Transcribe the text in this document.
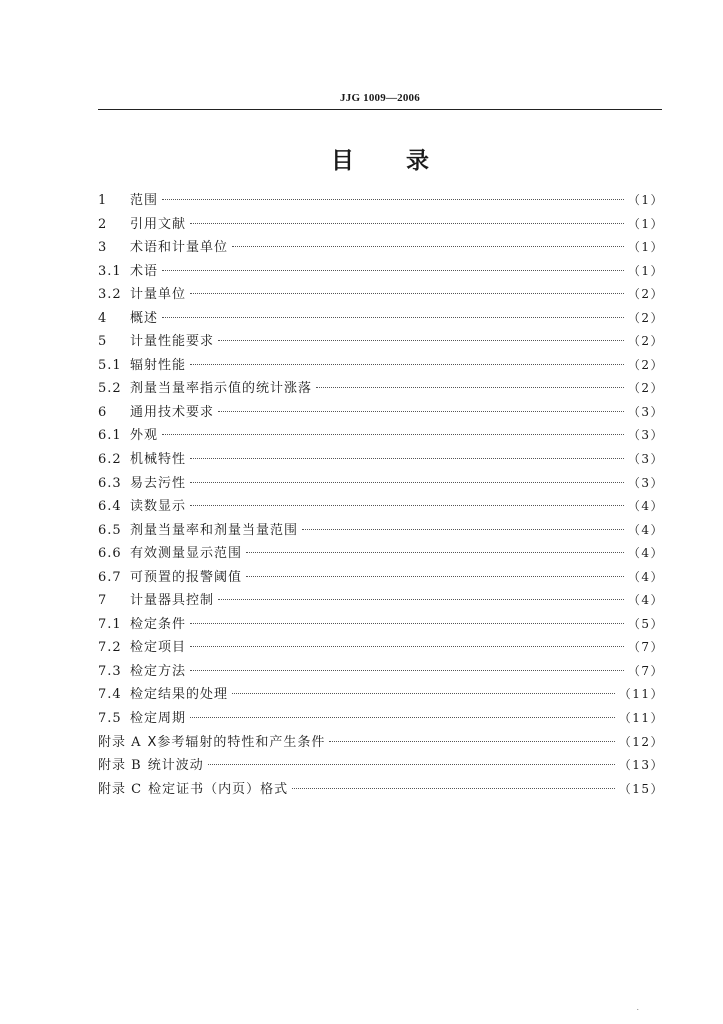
JJG 1009—2006
目录
1	范围	（1）
2	引用文献	（1）
3	术语和计量单位	（1）
3.1 术语	（1）
3.2 计量单位	（2）
4	概述	（2）
5	计量性能要求	（2）
5.1 辐射性能	（2）
5.2 剂量当量率指示值的统计涨落	（2）
6	通用技术要求	（3）
6.1 外观	（3）
6.2 机械特性	（3）
6.3 易去污性	（3）
6.4 读数显示	（4）
6.5 剂量当量率和剂量当量范围	（4）
6.6 有效测量显示范围	（4）
6.7 可预置的报警阈值	（4）
7	计量器具控制	（4）
7.1 检定条件	（5）
7.2 检定项目	（7）
7.3 检定方法	（7）
7.4 检定结果的处理	（11）
7.5 检定周期	（11）
附录 A X参考辐射的特性和产生条件	（12）
附录 B 统计波动	（13）
附录 C 检定证书（内页）格式	（15）
.
